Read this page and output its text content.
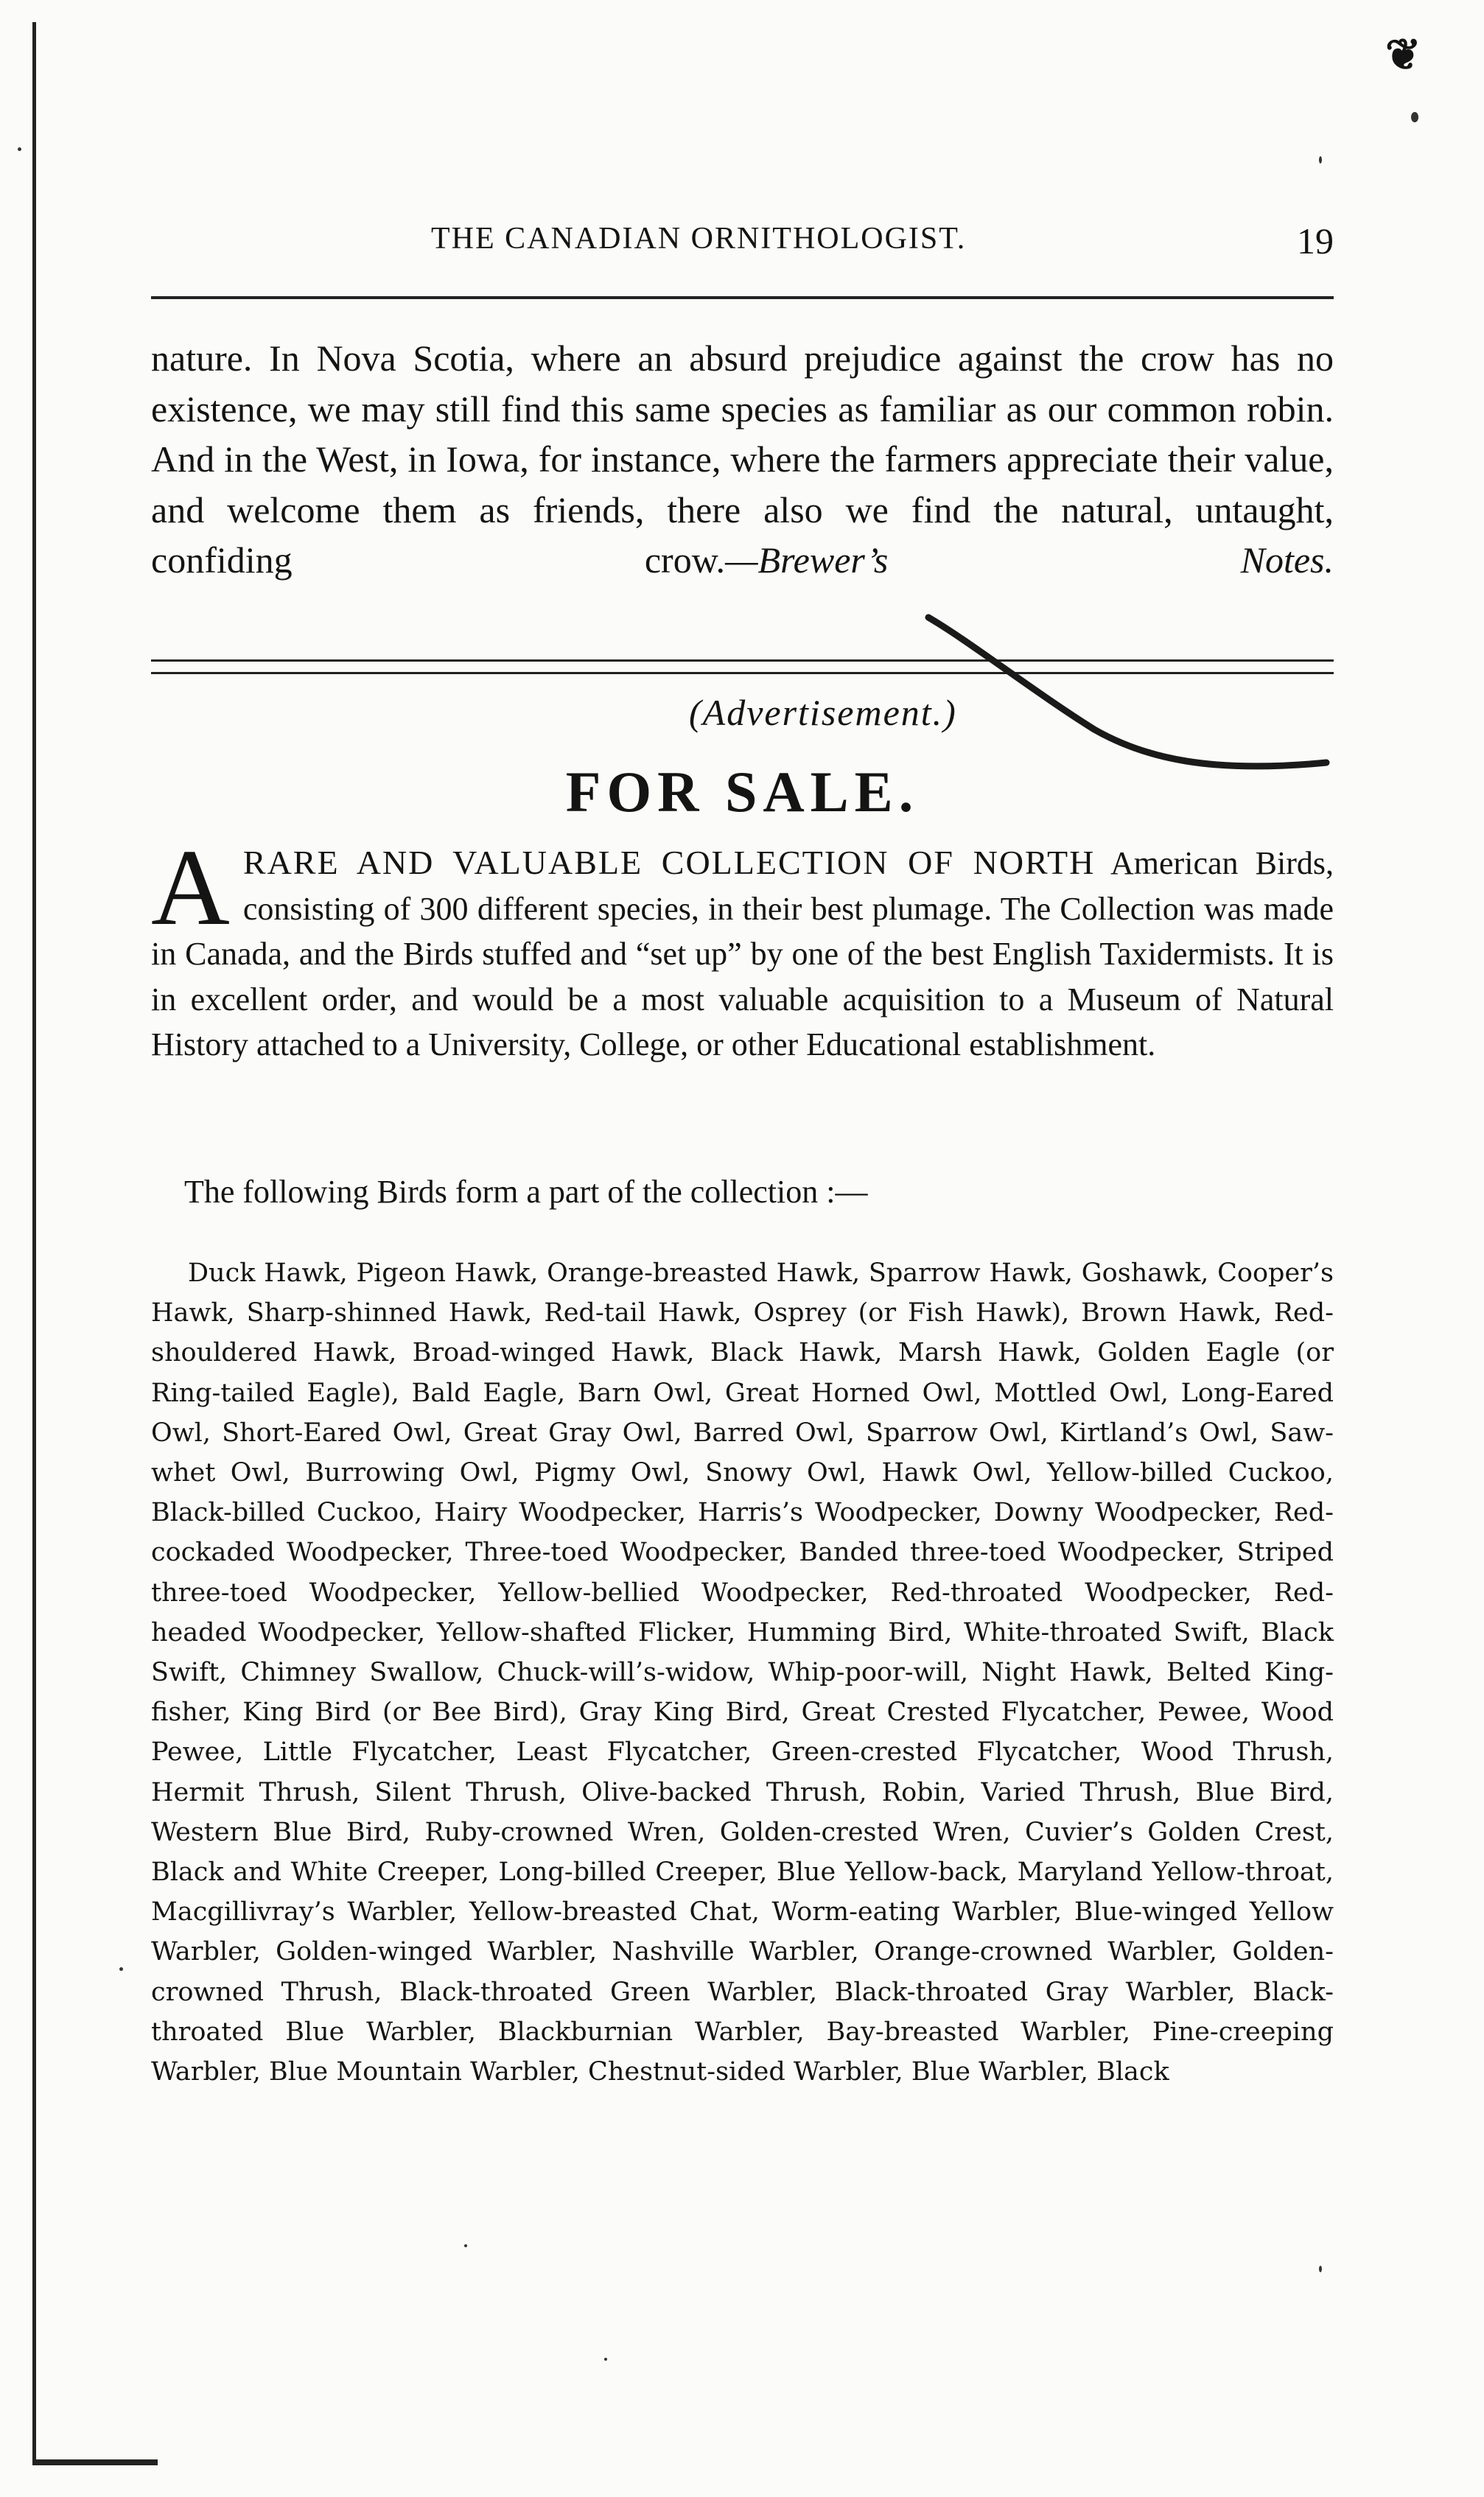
❦
THE CANADIAN ORNITHOLOGIST.	19

nature. In Nova Scotia, where an absurd prejudice against the crow has no existence, we may still find this same species as familiar as our common robin. And in the West, in Iowa, for instance, where the farmers appreciate their value, and welcome them as friends, there also we find the natural, untaught, confiding crow.—Brewer’s Notes.

(Advertisement.)
FOR SALE.
ARARE AND VALUABLE COLLECTION OF NORTH American Birds, consisting of 300 different species, in their best plumage. The Collection was made in Canada, and the Birds stuffed and “set up” by one of the best English Taxidermists. It is in excellent order, and would be a most valuable acquisition to a Museum of Natural History attached to a University, College, or other Educational establishment.
The following Birds form a part of the collection :—

Duck Hawk, Pigeon Hawk, Orange-breasted Hawk, Sparrow Hawk, Goshawk, Cooper’s Hawk, Sharp-shinned Hawk, Red-tail Hawk, Osprey (or Fish Hawk), Brown Hawk, Red-shouldered Hawk, Broad-winged Hawk, Black Hawk, Marsh Hawk, Golden Eagle (or Ring-tailed Eagle), Bald Eagle, Barn Owl, Great Horned Owl, Mottled Owl, Long-Eared Owl, Short-Eared Owl, Great Gray Owl, Barred Owl, Sparrow Owl, Kirtland’s Owl, Saw-whet Owl, Burrowing Owl, Pigmy Owl, Snowy Owl, Hawk Owl, Yellow-billed Cuckoo, Black-billed Cuckoo, Hairy Woodpecker, Harris’s Woodpecker, Downy Woodpecker, Red-cockaded Woodpecker, Three-toed Woodpecker, Banded three-toed Woodpecker, Striped three-toed Woodpecker, Yellow-bellied Woodpecker, Red-throated Woodpecker, Red-headed Woodpecker, Yellow-shafted Flicker, Humming Bird, White-throated Swift, Black Swift, Chimney Swallow, Chuck-will’s-widow, Whip-poor-will, Night Hawk, Belted King-fisher, King Bird (or Bee Bird), Gray King Bird, Great Crested Flycatcher, Pewee, Wood Pewee, Little Flycatcher, Least Flycatcher, Green-crested Flycatcher, Wood Thrush, Hermit Thrush, Silent Thrush, Olive-backed Thrush, Robin, Varied Thrush, Blue Bird, Western Blue Bird, Ruby-crowned Wren, Golden-crested Wren, Cuvier’s Golden Crest, Black and White Creeper, Long-billed Creeper, Blue Yellow-back, Maryland Yellow-throat, Macgillivray’s Warbler, Yellow-breasted Chat, Worm-eating Warbler, Blue-winged Yellow Warbler, Golden-winged Warbler, Nashville Warbler, Orange-crowned Warbler, Golden-crowned Thrush, Black-throated Green Warbler, Black-throated Gray Warbler, Black-throated Blue Warbler, Blackburnian Warbler, Bay-breasted Warbler, Pine-creeping Warbler, Blue Mountain Warbler, Chestnut-sided Warbler, Blue Warbler, Black
